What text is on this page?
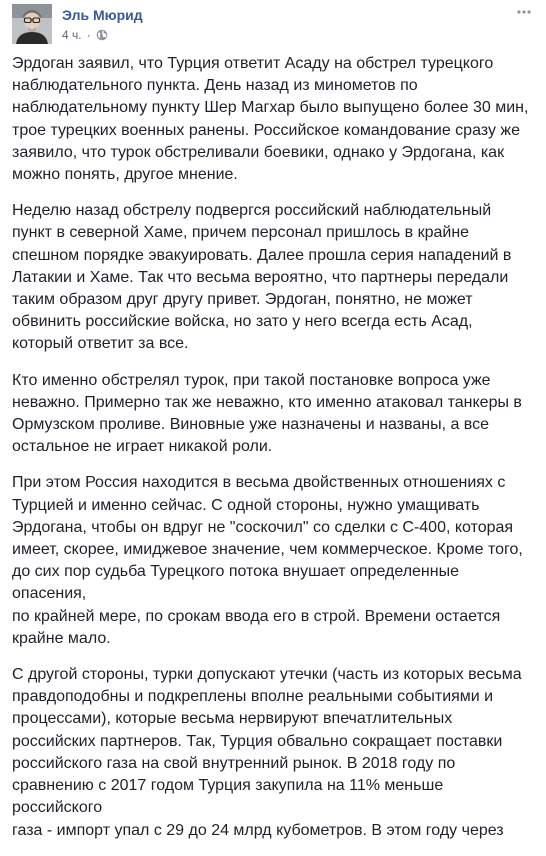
Эль Мюрид
4 ч. ·

Эрдоган заявил, что Турция ответит Асаду на обстрел турецкого
наблюдательного пункта. День назад из минометов по
наблюдательному пункту Шер Магхар было выпущено более 30 мин,
трое турецких военных ранены. Российское командование сразу же
заявило, что турок обстреливали боевики, однако у Эрдогана, как
можно понять, другое мнение.

Неделю назад обстрелу подвергся российский наблюдательный
пункт в северной Хаме, причем персонал пришлось в крайне
спешном порядке эвакуировать. Далее прошла серия нападений в
Латакии и Хаме. Так что весьма вероятно, что партнеры передали
таким образом друг другу привет. Эрдоган, понятно, не может
обвинить российские войска, но зато у него всегда есть Асад,
который ответит за все.

Кто именно обстрелял турок, при такой постановке вопроса уже
неважно. Примерно так же неважно, кто именно атаковал танкеры в
Ормузском проливе. Виновные уже назначены и названы, а все
остальное не играет никакой роли.

При этом Россия находится в весьма двойственных отношениях с
Турцией и именно сейчас. С одной стороны, нужно умащивать
Эрдогана, чтобы он вдруг не "соскочил" со сделки с С-400, которая
имеет, скорее, имиджевое значение, чем коммерческое. Кроме того,
до сих пор судьба Турецкого потока внушает определенные опасения,
по крайней мере, по срокам ввода его в строй. Времени остается
крайне мало.

С другой стороны, турки допускают утечки (часть из которых весьма
правдоподобны и подкреплены вполне реальными событиями и
процессами), которые весьма нервируют впечатлительных
российских партнеров. Так, Турция обвально сокращает поставки
российского газа на свой внутренний рынок. В 2018 году по
сравнению с 2017 годом Турция закупила на 11% меньше российского
газа - импорт упал с 29 до 24 млрд кубометров. В этом году через
